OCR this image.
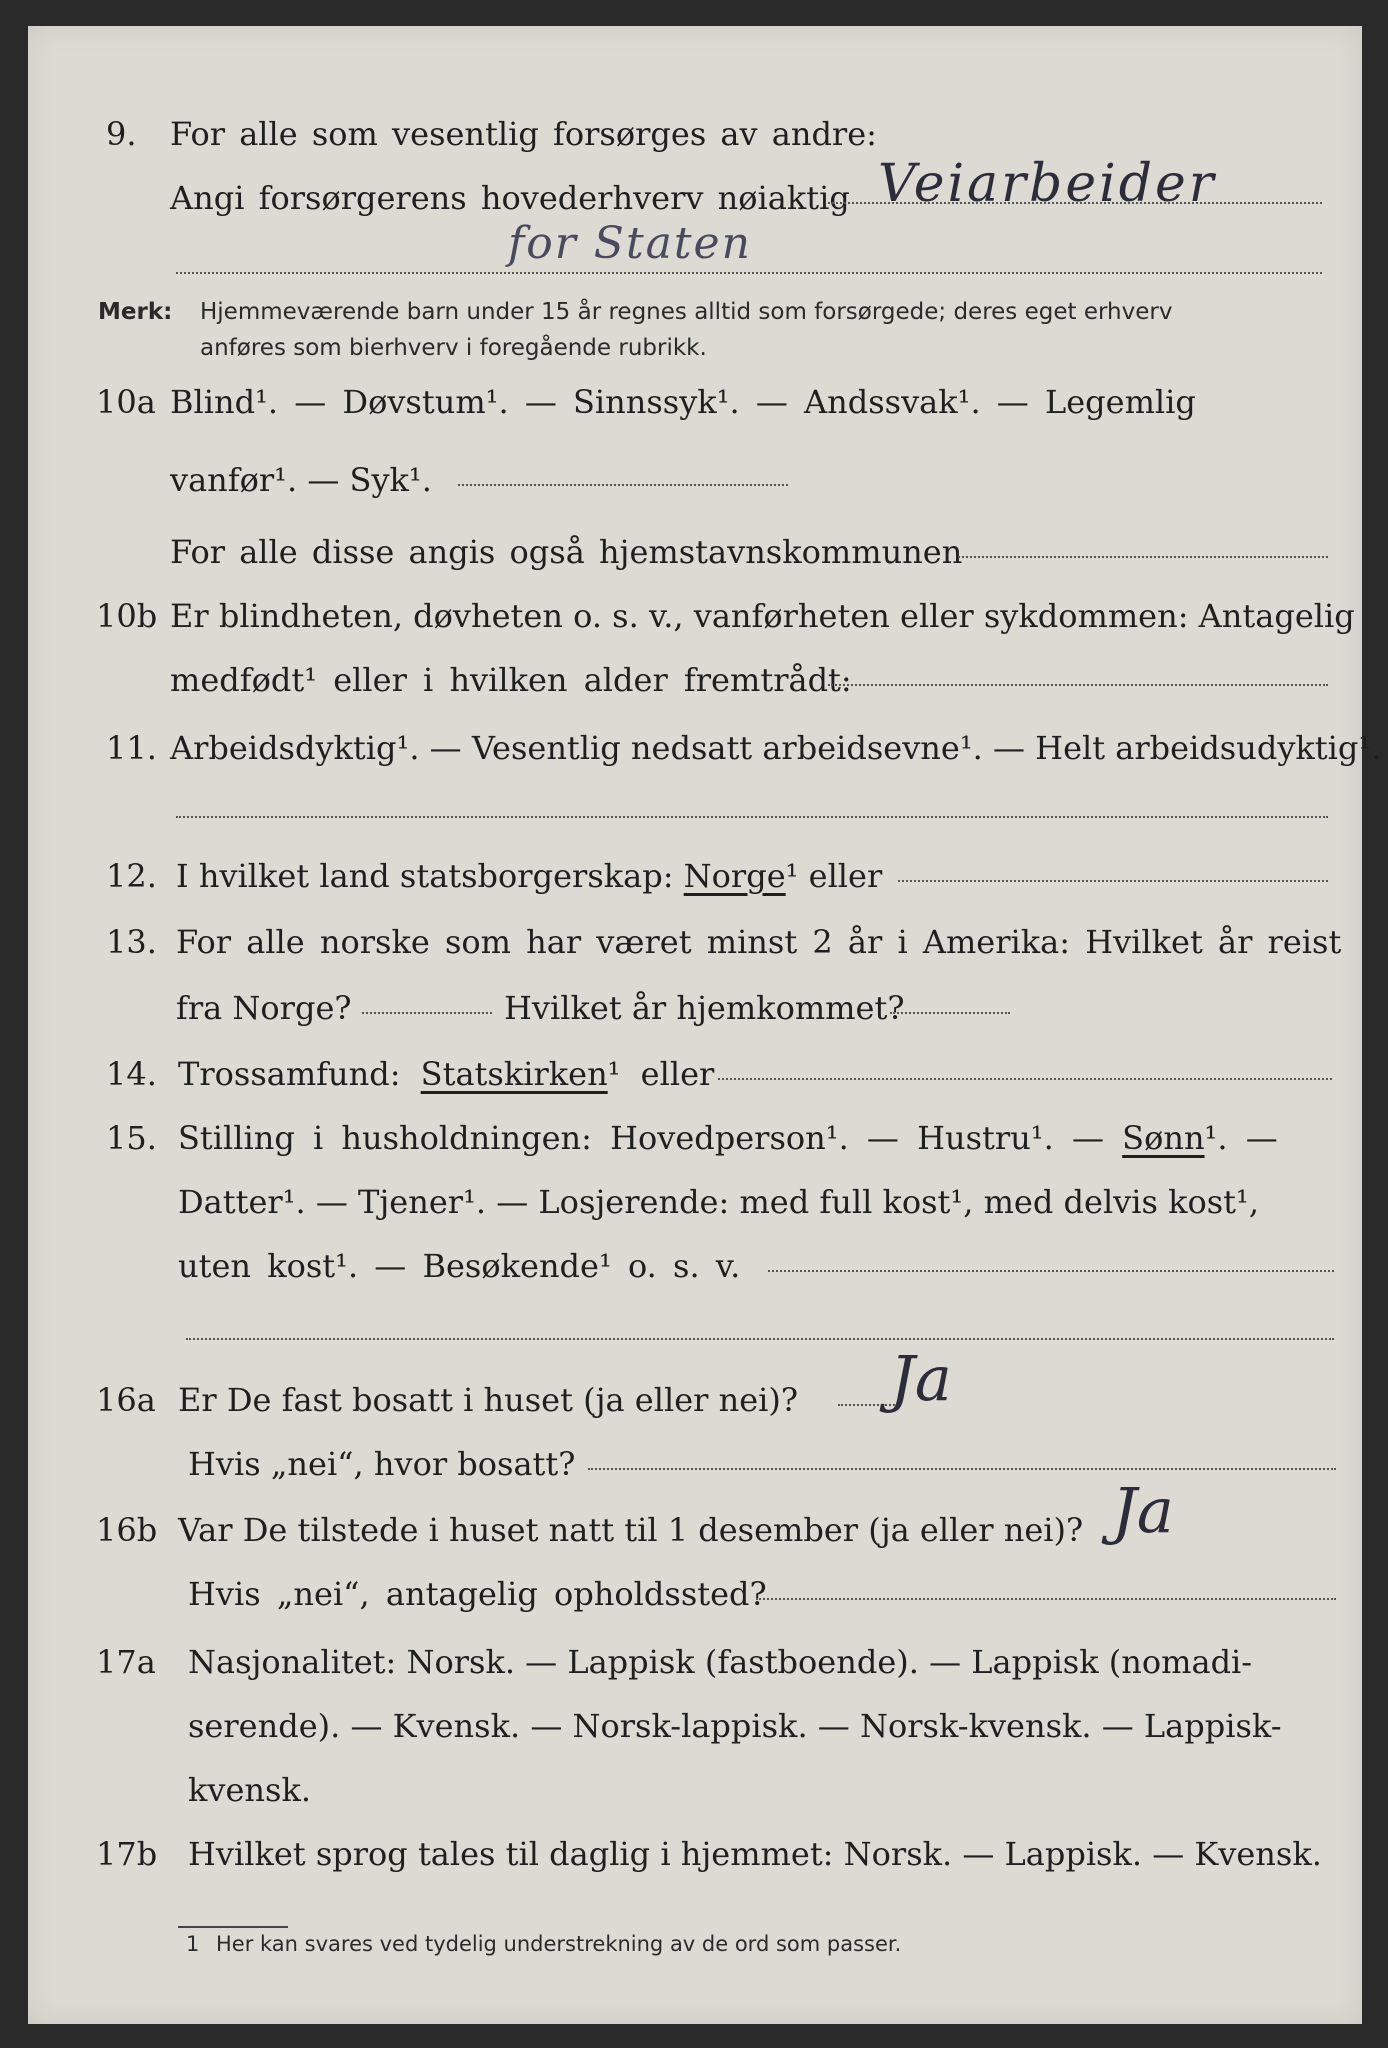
9. For alle som vesentlig forsørges av andre:
Angi forsørgerens hovederhverv nøiaktig Veiarbeider
for Staten
Merk: Hjemmeværende barn under 15 år regnes alltid som forsørgede; deres eget erhverv
anføres som bierhverv i foregående rubrikk.
10a Blind¹. — Døvstum¹. — Sinnssyk¹. — Andssvak¹. — Legemlig
vanfør¹. — Syk¹.
For alle disse angis også hjemstavnskommunen
10b Er blindheten, døvheten o. s. v., vanførheten eller sykdommen: Antagelig
medfødt¹ eller i hvilken alder fremtrådt:
11. Arbeidsdyktig¹. — Vesentlig nedsatt arbeidsevne¹. — Helt arbeidsudyktig¹.
12. I hvilket land statsborgerskap: Norge¹ eller
13. For alle norske som har været minst 2 år i Amerika: Hvilket år reist
fra Norge?	Hvilket år hjemkommet?
14. Trossamfund: Statskirken¹ eller
15. Stilling i husholdningen: Hovedperson¹. — Hustru¹. — Sønn¹. —
Datter¹. — Tjener¹. — Losjerende: med full kost¹, med delvis kost¹,
uten kost¹. — Besøkende¹ o. s. v.
16a Er De fast bosatt i huset (ja eller nei)? Ja
Hvis „nei“, hvor bosatt?
16b Var De tilstede i huset natt til 1 desember (ja eller nei)? Ja
Hvis „nei“, antagelig opholdssted?
17a Nasjonalitet: Norsk. — Lappisk (fastboende). — Lappisk (nomadi-
serende). — Kvensk. — Norsk-lappisk. — Norsk-kvensk. — Lappisk-
kvensk.
17b Hvilket sprog tales til daglig i hjemmet: Norsk. — Lappisk. — Kvensk.
1 Her kan svares ved tydelig understrekning av de ord som passer.
